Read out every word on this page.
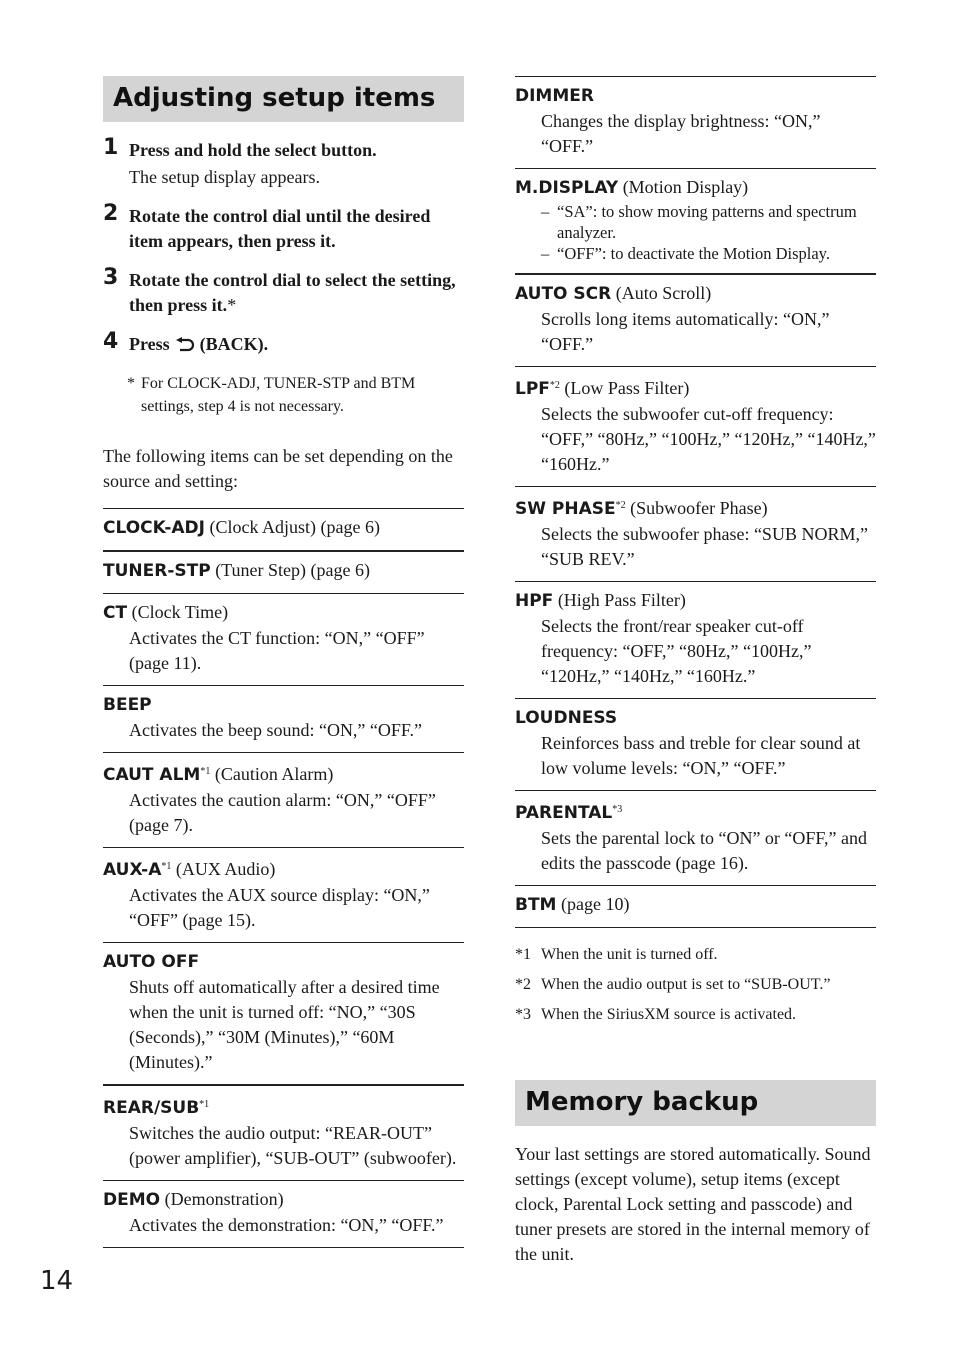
Adjusting setup items
1 Press and hold the select button.
The setup display appears.
2 Rotate the control dial until the desired item appears, then press it.
3 Rotate the control dial to select the setting, then press it.*
4 Press (BACK).
* For CLOCK-ADJ, TUNER-STP and BTM settings, step 4 is not necessary.
The following items can be set depending on the source and setting:
CLOCK-ADJ (Clock Adjust) (page 6)
TUNER-STP (Tuner Step) (page 6)
CT (Clock Time)
Activates the CT function: “ON,” “OFF” (page 11).
BEEP
Activates the beep sound: “ON,” “OFF.”
CAUT ALM$^{*1}$ (Caution Alarm)
Activates the caution alarm: “ON,” “OFF” (page 7).
AUX-$A^{*1}$ (AUX Audio)
Activates the AUX source display: “ON,” “OFF” (page 15).
AUTO OFF
Shuts off automatically after a desired time when the unit is turned off: “NO,” “30S (Seconds),” “30M (Minutes),” “60M (Minutes).”
REAR/SUB$^{*1}$
Switches the audio output: “REAR-OUT” (power amplifier), “SUB-OUT” (subwoofer).
DEMO (Demonstration)
Activates the demonstration: “ON,” “OFF.”
DIMMER
Changes the display brightness: “ON,” “OFF.”
M.DISPLAY (Motion Display)
– “SA”: to show moving patterns and spectrum analyzer.
– “OFF”: to deactivate the Motion Display.
AUTO SCR (Auto Scroll)
Scrolls long items automatically: “ON,” “OFF.”
LPF$^{*2}$ (Low Pass Filter)
Selects the subwoofer cut-off frequency: “OFF,” “80Hz,” “100Hz,” “120Hz,” “140Hz,” “160Hz.”
SW PHASE$^{*2}$ (Subwoofer Phase)
Selects the subwoofer phase: “SUB NORM,” “SUB REV.”
HPF (High Pass Filter)
Selects the front/rear speaker cut-off frequency: “OFF,” “80Hz,” “100Hz,” “120Hz,” “140Hz,” “160Hz.”
LOUDNESS
Reinforces bass and treble for clear sound at low volume levels: “ON,” “OFF.”
PARENTAL$^{*3}$
Sets the parental lock to “ON” or “OFF,” and edits the passcode (page 16).
BTM (page 10)
*1 When the unit is turned off.
*2 When the audio output is set to “SUB-OUT.”
*3 When the SiriusXM source is activated.
Memory backup
Your last settings are stored automatically. Sound settings (except volume), setup items (except clock, Parental Lock setting and passcode) and tuner presets are stored in the internal memory of the unit.
14
